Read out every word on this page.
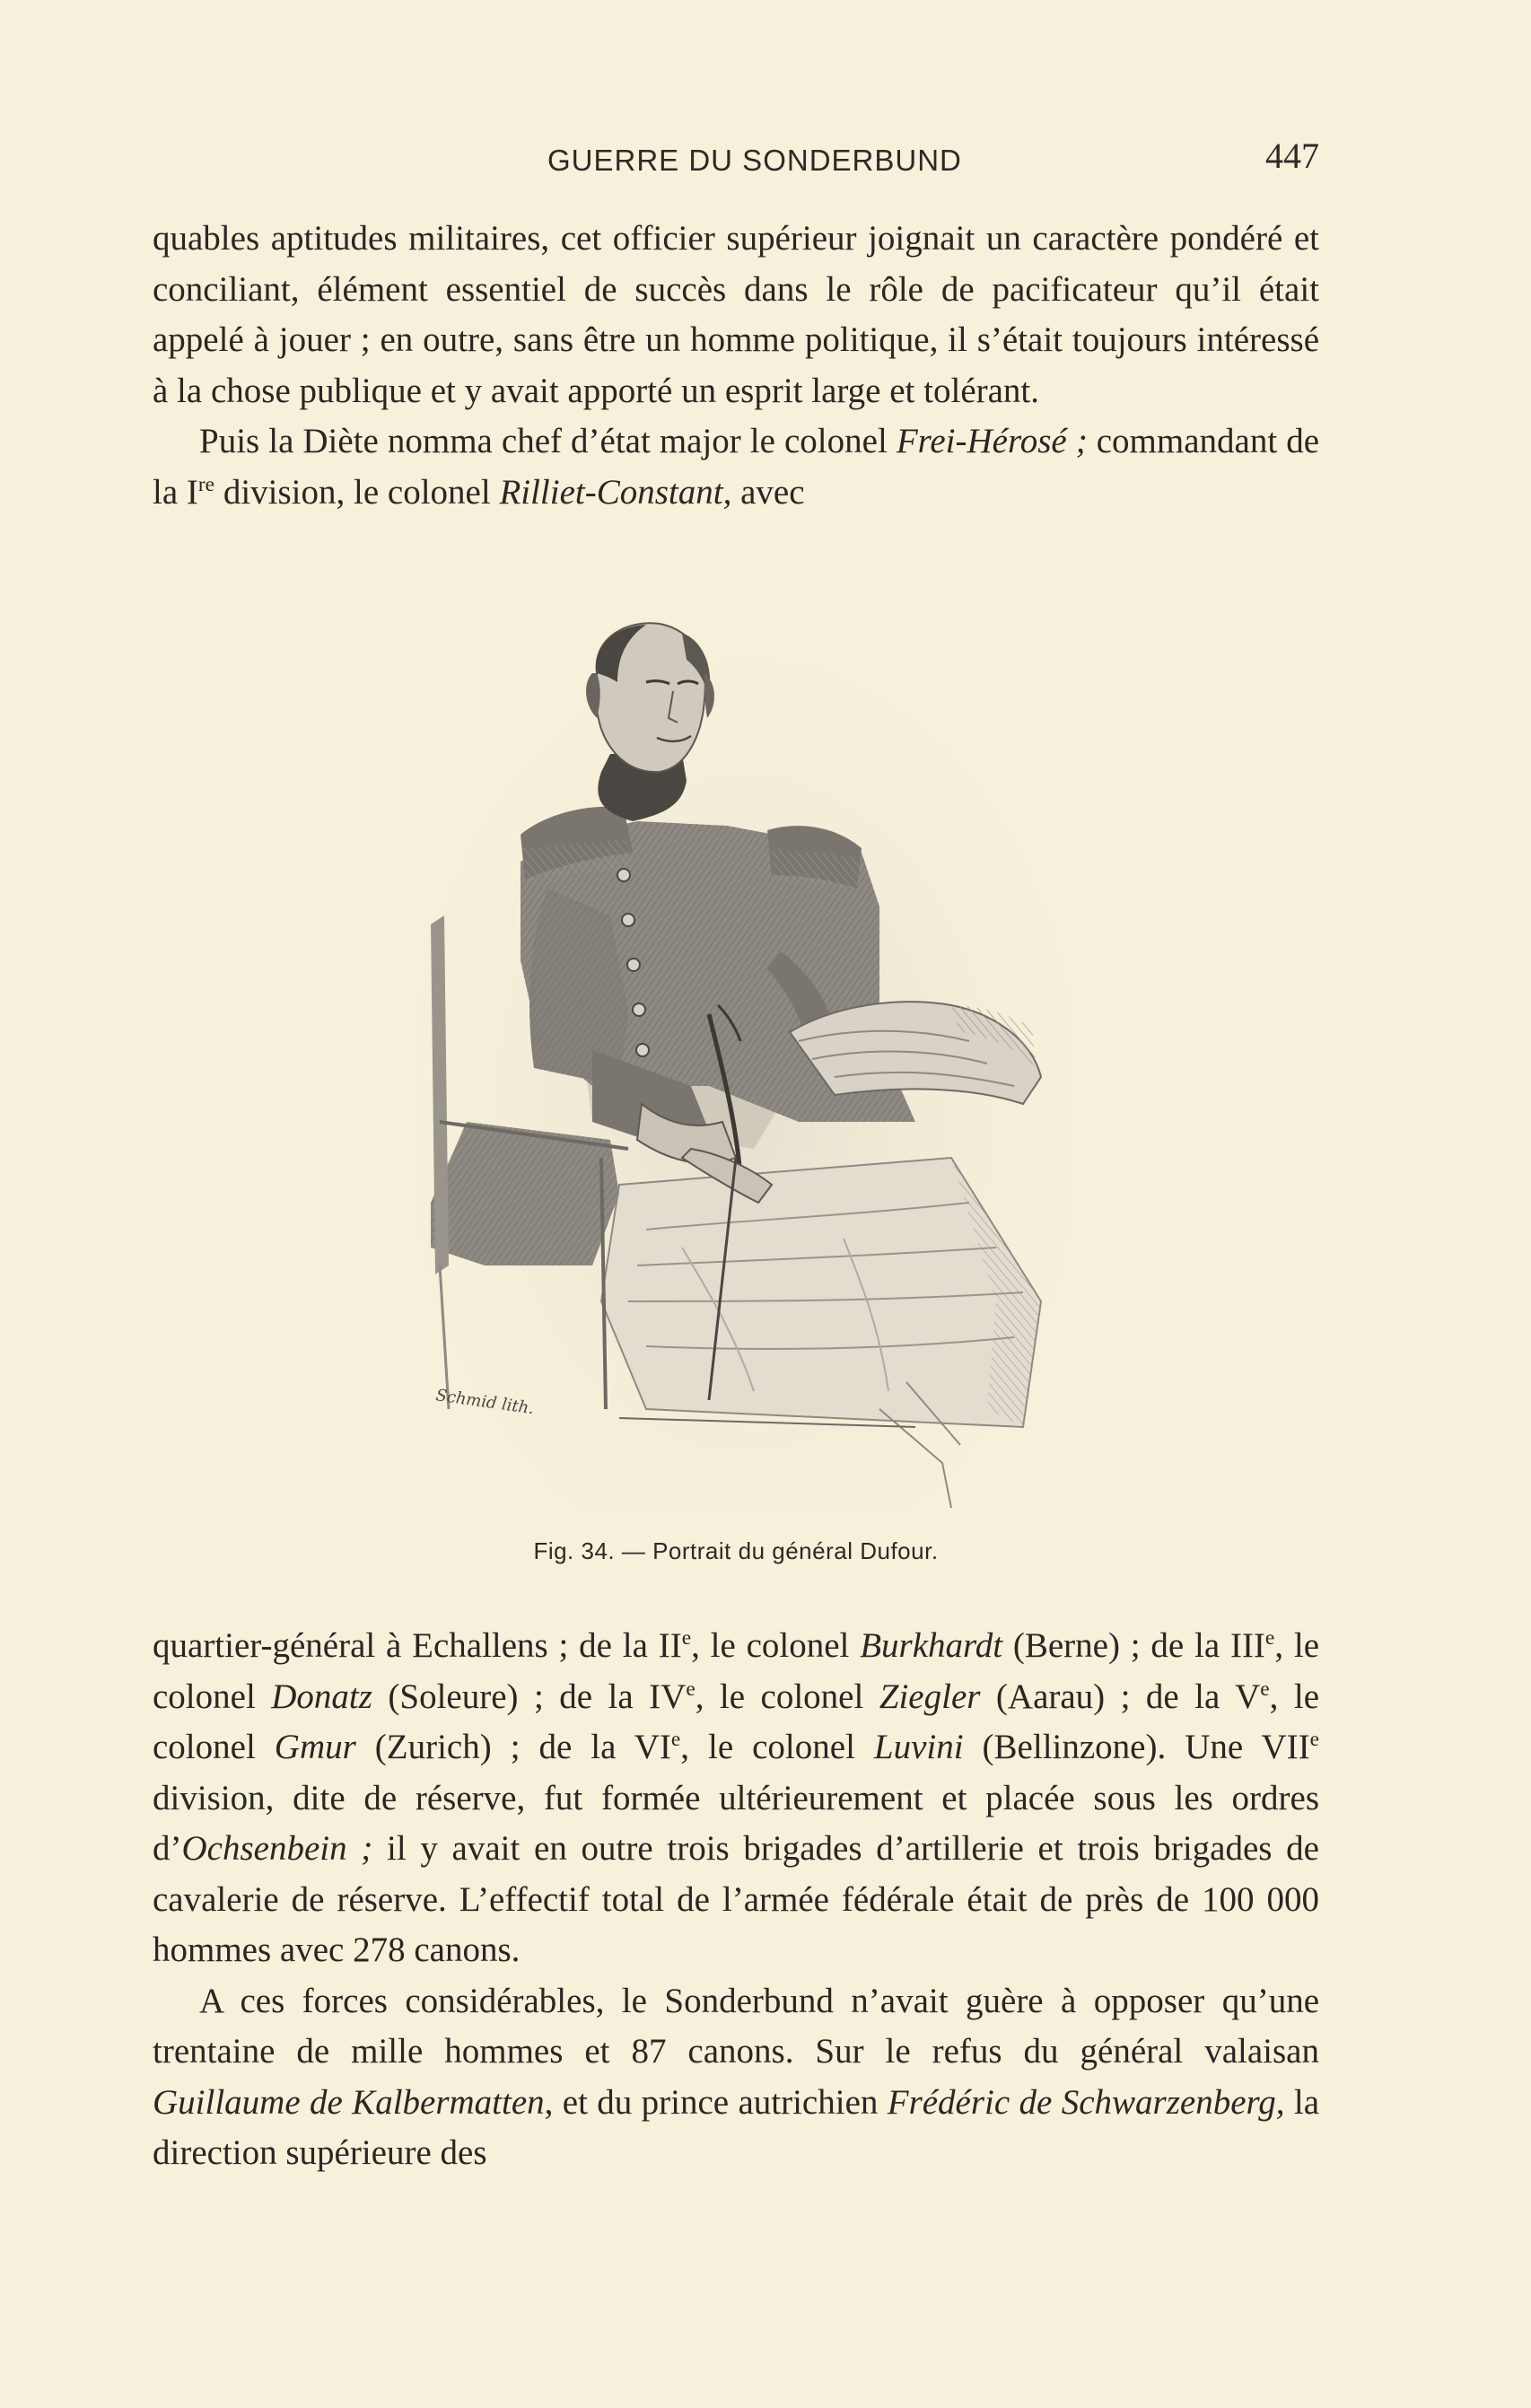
GUERRE DU SONDERBUND	447

quables aptitudes militaires, cet officier supérieur joignait un caractère pondéré et conciliant, élément essentiel de succès dans le rôle de pacificateur qu’il était appelé à jouer ; en outre, sans être un homme politique, il s’était toujours intéressé à la chose publique et y avait apporté un esprit large et tolérant.

Puis la Diète nomma chef d’état major le colonel Frei-Hérosé ; commandant de la Ire division, le colonel Rilliet-Constant, avec

Schmid lith.
Fig. 34. — Portrait du général Dufour.

quartier-général à Echallens ; de la IIe, le colonel Burkhardt (Berne) ; de la IIIe, le colonel Donatz (Soleure) ; de la IVe, le colonel Ziegler (Aarau) ; de la Ve, le colonel Gmur (Zurich) ; de la VIe, le colonel Luvini (Bellinzone). Une VIIe division, dite de réserve, fut formée ultérieurement et placée sous les ordres d’Ochsenbein ; il y avait en outre trois brigades d’artillerie et trois brigades de cavalerie de réserve. L’effectif total de l’armée fédérale était de près de 100 000 hommes avec 278 canons.

A ces forces considérables, le Sonderbund n’avait guère à opposer qu’une trentaine de mille hommes et 87 canons. Sur le refus du général valaisan Guillaume de Kalbermatten, et du prince autrichien Frédéric de Schwarzenberg, la direction supérieure des
